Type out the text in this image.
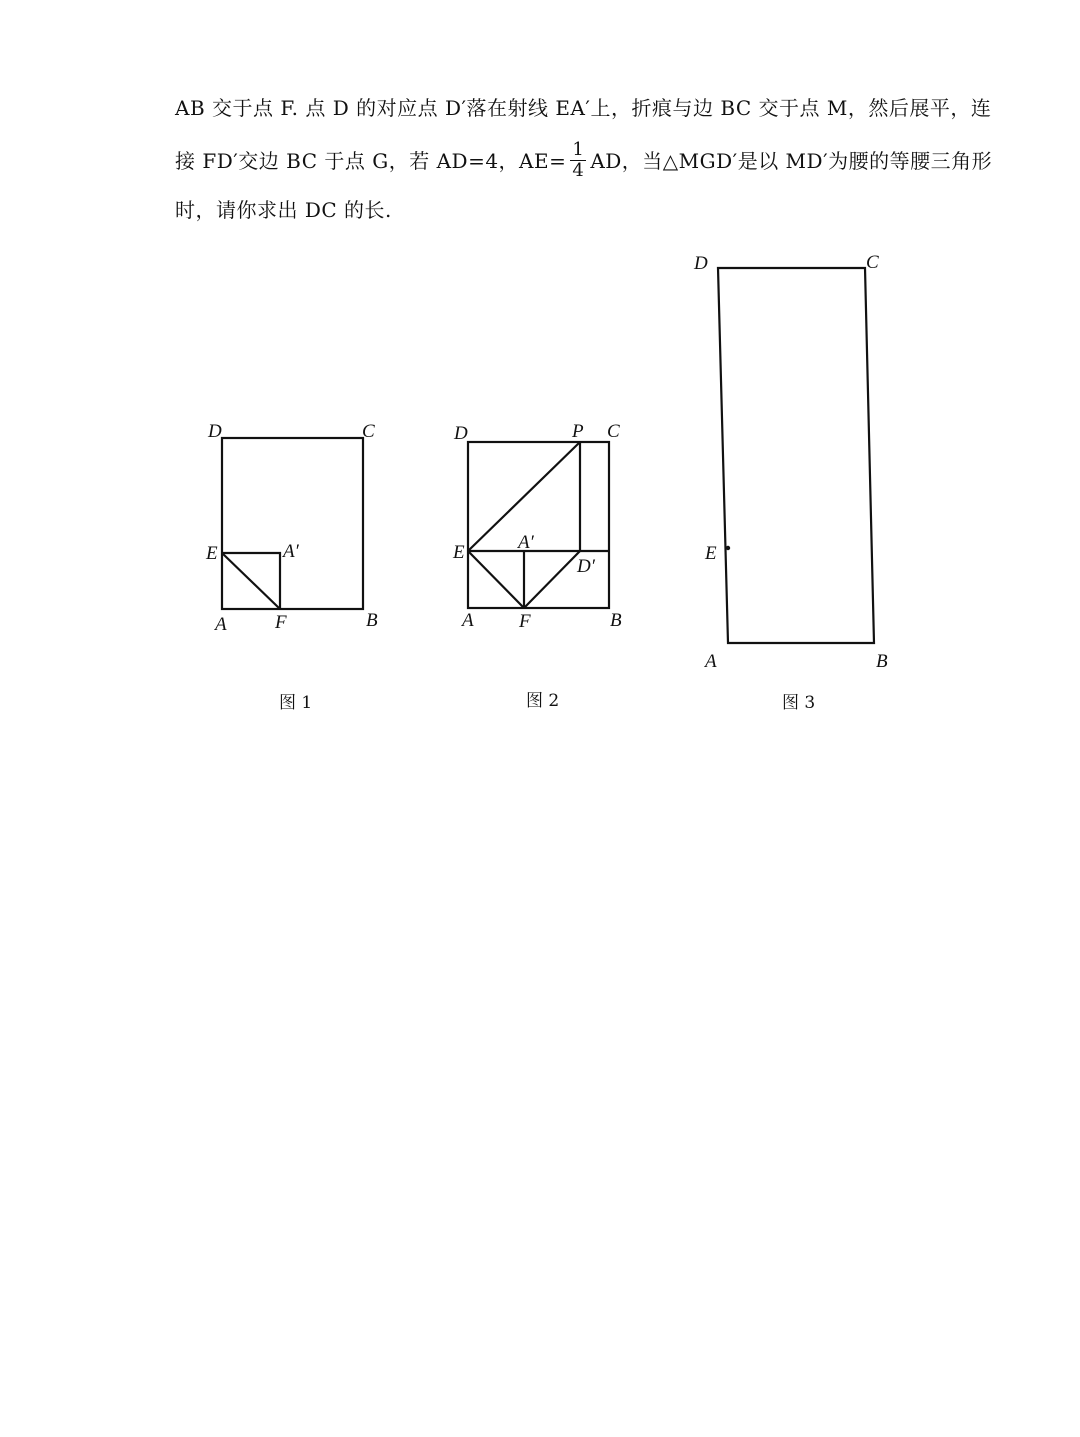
AB 交于点 F. 点 D 的对应点 D′落在射线 EA′上，折痕与边 BC 交于点 M，然后展平，连
接 FD′交边 BC 于点 G，若 AD=4，$AE= \frac{1}{4}$ AD，当△MGD′是以 MD′为腰的等腰三角形
时，请你求出 DC 的长.
D	C
E	A′
A	F	B
图 1
D	P C
E	A′
D′
A F	B
图 2
D	C
E
A	B
图 3
